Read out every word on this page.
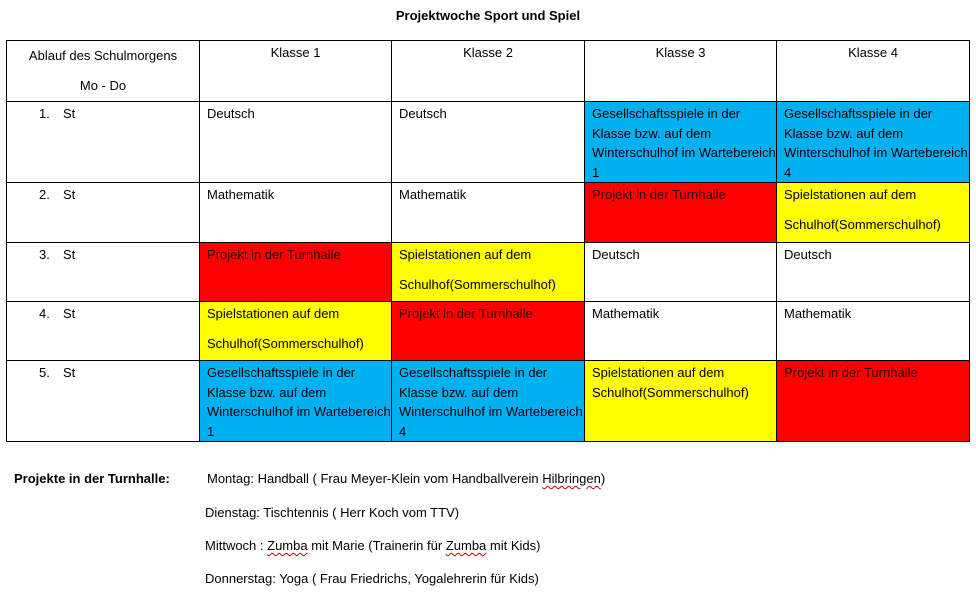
Projektwoche Sport und Spiel
Ablauf des Schulmorgens
Mo - Do	Klasse 1	Klasse 2	Klasse 3	Klasse 4
1. St	Deutsch	Deutsch	Gesellschaftsspiele in der Klasse bzw. auf dem Winterschulhof im Wartebereich 1	Gesellschaftsspiele in der Klasse bzw. auf dem Winterschulhof im Wartebereich 4
2. St	Mathematik	Mathematik	Projekt in der Turnhalle	Spielstationen auf dem
Schulhof(Sommerschulhof)

3. St	Projekt in der Turnhalle	Spielstationen auf dem
Schulhof(Sommerschulhof)	Deutsch	Deutsch
4. St	Spielstationen auf dem
Schulhof(Sommerschulhof)	Projekt in der Turnhalle	Mathematik	Mathematik
5. St	Gesellschaftsspiele in der Klasse bzw. auf dem Winterschulhof im Wartebereich 1	Gesellschaftsspiele in der Klasse bzw. auf dem Winterschulhof im Wartebereich 4	Spielstationen auf dem
Schulhof(Sommerschulhof)	Projekt in der Turnhalle
Projekte in der Turnhalle:	Montag: Handball ( Frau Meyer-Klein vom Handballverein Hilbringen)
Dienstag: Tischtennis ( Herr Koch vom TTV)
Mittwoch : Zumba mit Marie (Trainerin für Zumba mit Kids)
Donnerstag: Yoga ( Frau Friedrichs, Yogalehrerin für Kids)
